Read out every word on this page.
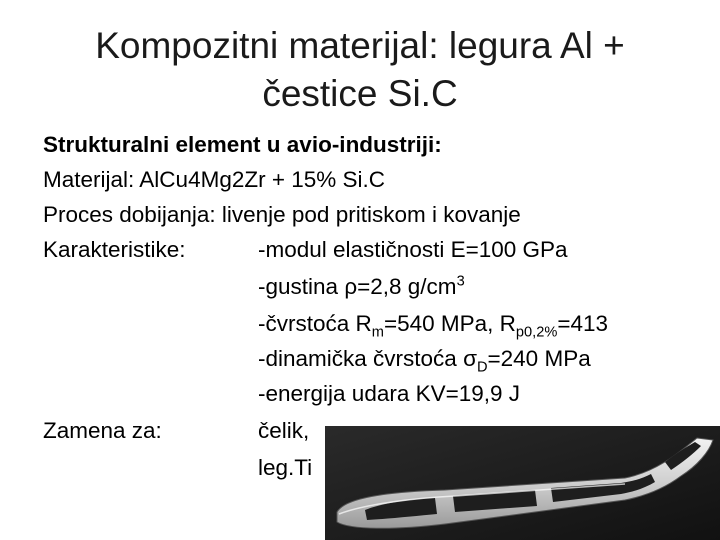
Kompozitni materijal: legura Al +
čestice Si.C
Strukturalni element u avio-industriji:
Materijal: AlCu4Mg2Zr + 15% Si.C
Proces dobijanja: livenje pod pritiskom i kovanje
Karakteristike:	-modul elastičnosti E=100 GPa
-gustina ρ=2,8 $g/cm^3$
-čvrstoća $R_m=540$ MPa, $R_{p0,2\%}=413$
-dinamička čvrstoća $\sigma_D=240$ MPa
-energija udara KV=19,9 J
Zamena za:	čelik,
leg.Ti
